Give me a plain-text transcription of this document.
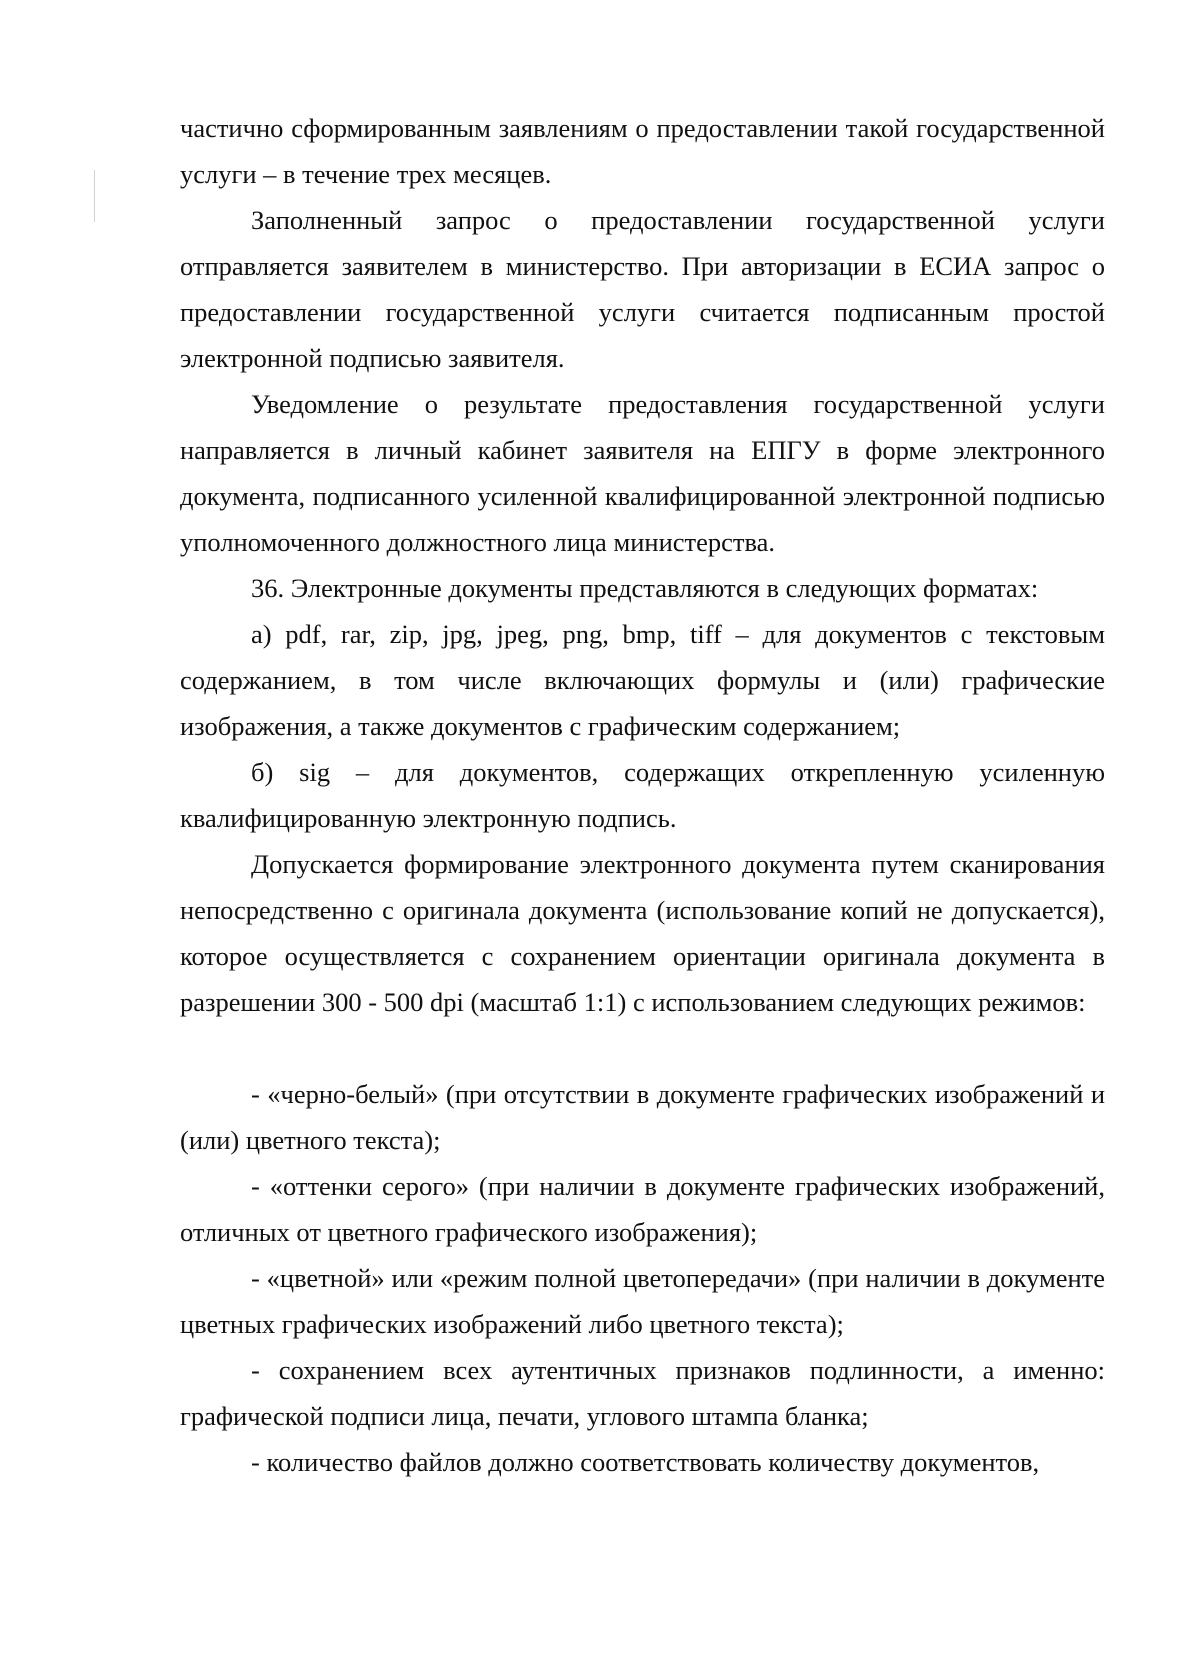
частично сформированным заявлениям о предоставлении такой государственной услуги – в течение трех месяцев.

Заполненный запрос о предоставлении государственной услуги отправляется заявителем в министерство. При авторизации в ЕСИА запрос о предоставлении государственной услуги считается подписанным простой электронной подписью заявителя.

Уведомление о результате предоставления государственной услуги направляется в личный кабинет заявителя на ЕПГУ в форме электронного документа, подписанного усиленной квалифицированной электронной подписью уполномоченного должностного лица министерства.

36. Электронные документы представляются в следующих форматах:

а) pdf, rar, zip, jpg, jpeg, png, bmp, tiff – для документов с текстовым содержанием, в том числе включающих формулы и (или) графические изображения, а также документов с графическим содержанием;

б) sig – для документов, содержащих открепленную усиленную квалифицированную электронную подпись.

Допускается формирование электронного документа путем сканирования непосредственно с оригинала документа (использование копий не допускается), которое осуществляется с сохранением ориентации оригинала документа в разрешении 300 - 500 dpi (масштаб 1:1) с использованием следующих режимов:

- «черно-белый» (при отсутствии в документе графических изображений и (или) цветного текста);

- «оттенки серого» (при наличии в документе графических изображений, отличных от цветного графического изображения);

- «цветной» или «режим полной цветопередачи» (при наличии в документе цветных графических изображений либо цветного текста);

- сохранением всех аутентичных признаков подлинности, а именно: графической подписи лица, печати, углового штампа бланка;

- количество файлов должно соответствовать количеству документов,
